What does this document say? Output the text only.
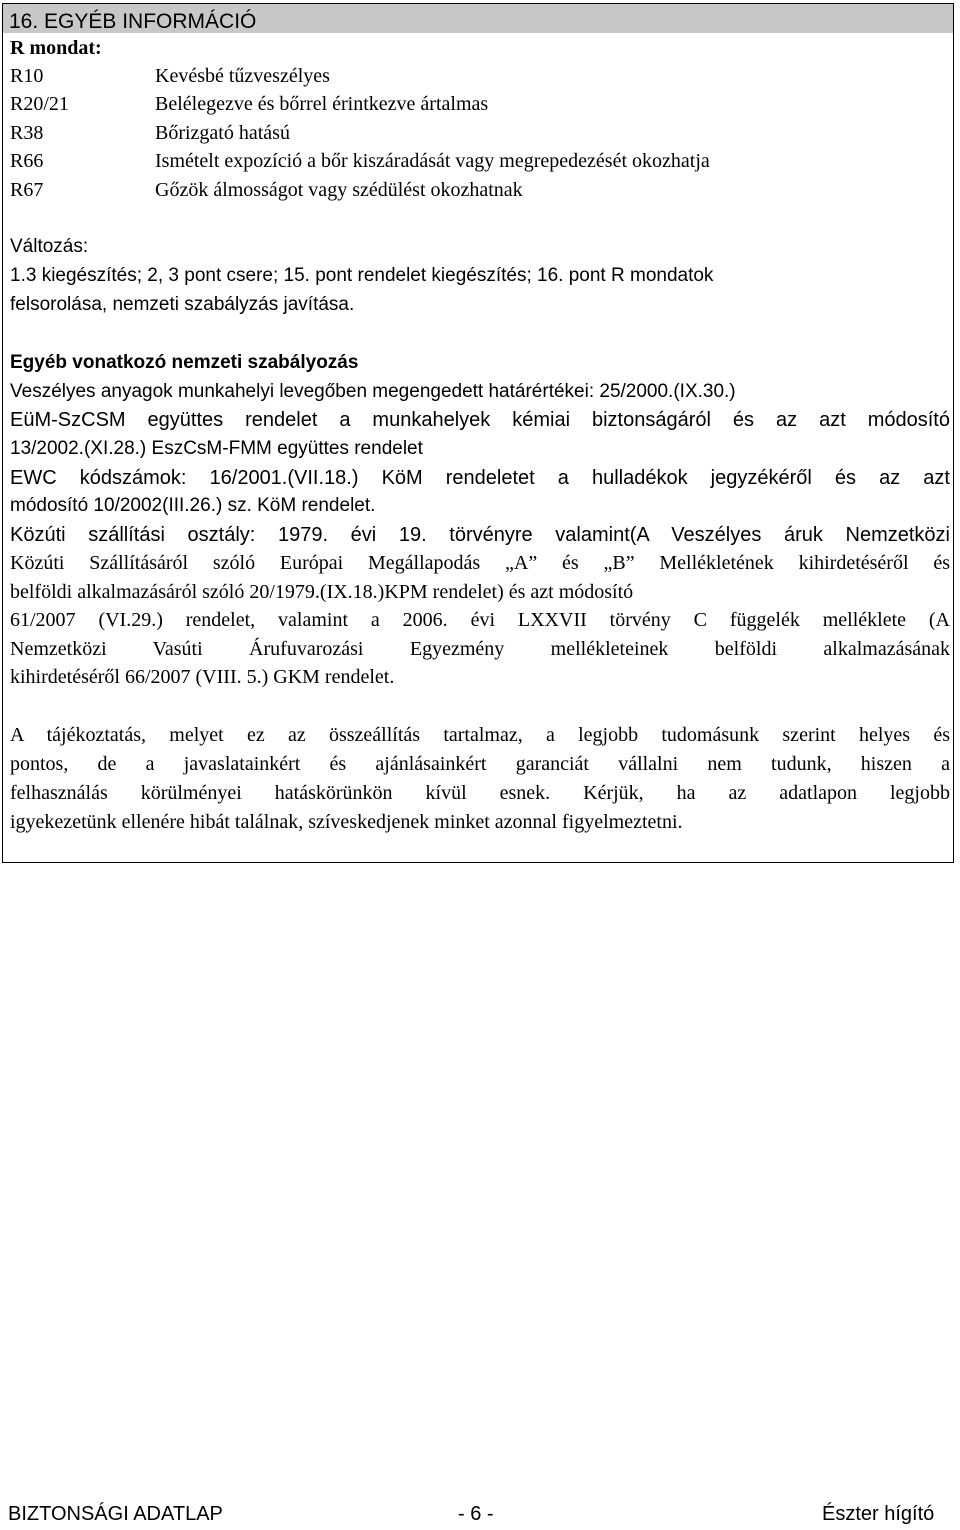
16. EGYÉB INFORMÁCIÓ
R mondat:
R10	Kevésbé tűzveszélyes
R20/21	Belélegezve és bőrrel érintkezve ártalmas
R38	Bőrizgató hatású
R66	Ismételt expozíció a bőr kiszáradását vagy megrepedezését okozhatja
R67	Gőzök álmosságot vagy szédülést okozhatnak
Változás:
1.3 kiegészítés; 2, 3 pont csere; 15. pont rendelet kiegészítés; 16. pont R mondatok
felsorolása, nemzeti szabályzás javítása.
Egyéb vonatkozó nemzeti szabályozás
Veszélyes anyagok munkahelyi levegőben megengedett határértékei: 25/2000.(IX.30.)
EüM-SzCSM együttes rendelet a munkahelyek kémiai biztonságáról és az azt módosító
13/2002.(XI.28.) EszCsM-FMM együttes rendelet
EWC kódszámok: 16/2001.(VII.18.) KöM rendeletet a hulladékok jegyzékéről és az azt
módosító 10/2002(III.26.) sz. KöM rendelet.
Közúti szállítási osztály: 1979. évi 19. törvényre valamint(A Veszélyes áruk Nemzetközi
Közúti Szállításáról szóló Európai Megállapodás „A” és „B” Mellékletének kihirdetéséről és
belföldi alkalmazásáról szóló 20/1979.(IX.18.)KPM rendelet) és azt módosító
61/2007 (VI.29.) rendelet, valamint a 2006. évi LXXVII törvény C függelék melléklete (A
Nemzetközi Vasúti Árufuvarozási Egyezmény mellékleteinek belföldi alkalmazásának
kihirdetéséről 66/2007 (VIII. 5.) GKM rendelet.
A tájékoztatás, melyet ez az összeállítás tartalmaz, a legjobb tudomásunk szerint helyes és
pontos, de a javaslatainkért és ajánlásainkért garanciát vállalni nem tudunk, hiszen a
felhasználás körülményei hatáskörünkön kívül esnek. Kérjük, ha az adatlapon legjobb
igyekezetünk ellenére hibát találnak, szíveskedjenek minket azonnal figyelmeztetni.
BIZTONSÁGI ADATLAP	- 6 -	Észter hígító
